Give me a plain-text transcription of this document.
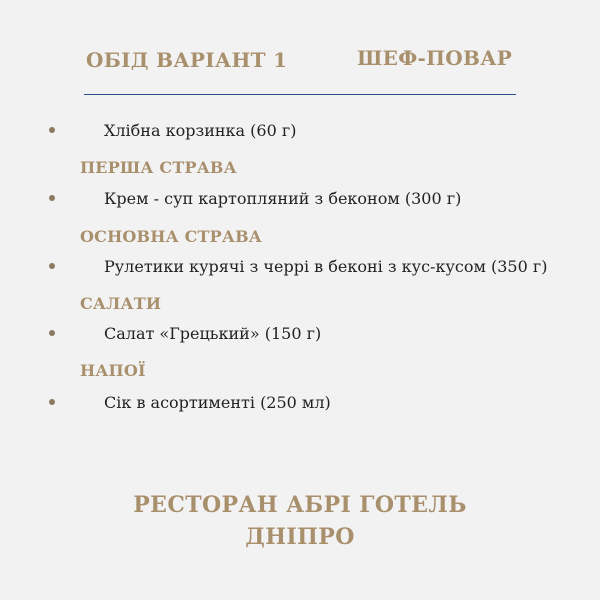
ОБІД ВАРІАНТ 1	ШЕФ-ПОВАР
Хлібна корзинка (60 г)
ПЕРША СТРАВА
Крем - суп картопляний з беконом (300 г)
ОСНОВНА СТРАВА
Рулетики курячі з черрі в беконі з кус-кусом (350 г)
САЛАТИ
Салат «Грецький» (150 г)
НАПОЇ
Сік в асортименті (250 мл)
РЕСТОРАН АБРІ ГОТЕЛЬ
ДНІПРО
